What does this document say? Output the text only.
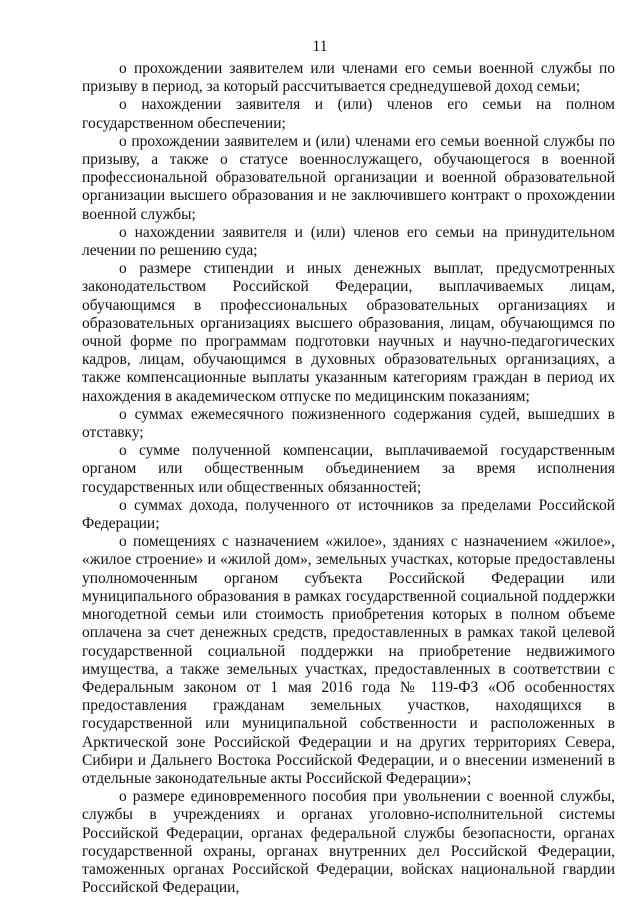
11

о прохождении заявителем или членами его семьи военной службы по призыву в период, за который рассчитывается среднедушевой доход семьи;

о нахождении заявителя и (или) членов его семьи на полном государственном обеспечении;

о прохождении заявителем и (или) членами его семьи военной службы по призыву, а также о статусе военнослужащего, обучающегося в военной профессиональной образовательной организации и военной образовательной организации высшего образования и не заключившего контракт о прохождении военной службы;

о нахождении заявителя и (или) членов его семьи на принудительном лечении по решению суда;

о размере стипендии и иных денежных выплат, предусмотренных законодательством Российской Федерации, выплачиваемых лицам, обучающимся в профессиональных образовательных организациях и образовательных организациях высшего образования, лицам, обучающимся по очной форме по программам подготовки научных и научно-педагогических кадров, лицам, обучающимся в духовных образовательных организациях, а также компенсационные выплаты указанным категориям граждан в период их нахождения в академическом отпуске по медицинским показаниям;

о суммах ежемесячного пожизненного содержания судей, вышедших в отставку;

о сумме полученной компенсации, выплачиваемой государственным органом или общественным объединением за время исполнения государственных или общественных обязанностей;

о суммах дохода, полученного от источников за пределами Российской Федерации;

о помещениях с назначением «жилое», зданиях с назначением «жилое», «жилое строение» и «жилой дом», земельных участках, которые предоставлены уполномоченным органом субъекта Российской Федерации или муниципального образования в рамках государственной социальной поддержки многодетной семьи или стоимость приобретения которых в полном объеме оплачена за счет денежных средств, предоставленных в рамках такой целевой государственной социальной поддержки на приобретение недвижимого имущества, а также земельных участках, предоставленных в соответствии с Федеральным законом от 1 мая 2016 года № 119-ФЗ «Об особенностях предоставления гражданам земельных участков, находящихся в государственной или муниципальной собственности и расположенных в Арктической зоне Российской Федерации и на других территориях Севера, Сибири и Дальнего Востока Российской Федерации, и о внесении изменений в отдельные законодательные акты Российской Федерации»;

о размере единовременного пособия при увольнении с военной службы, службы в учреждениях и органах уголовно-исполнительной системы Российской Федерации, органах федеральной службы безопасности, органах государственной охраны, органах внутренних дел Российской Федерации, таможенных органах Российской Федерации, войсках национальной гвардии Российской Федерации,
